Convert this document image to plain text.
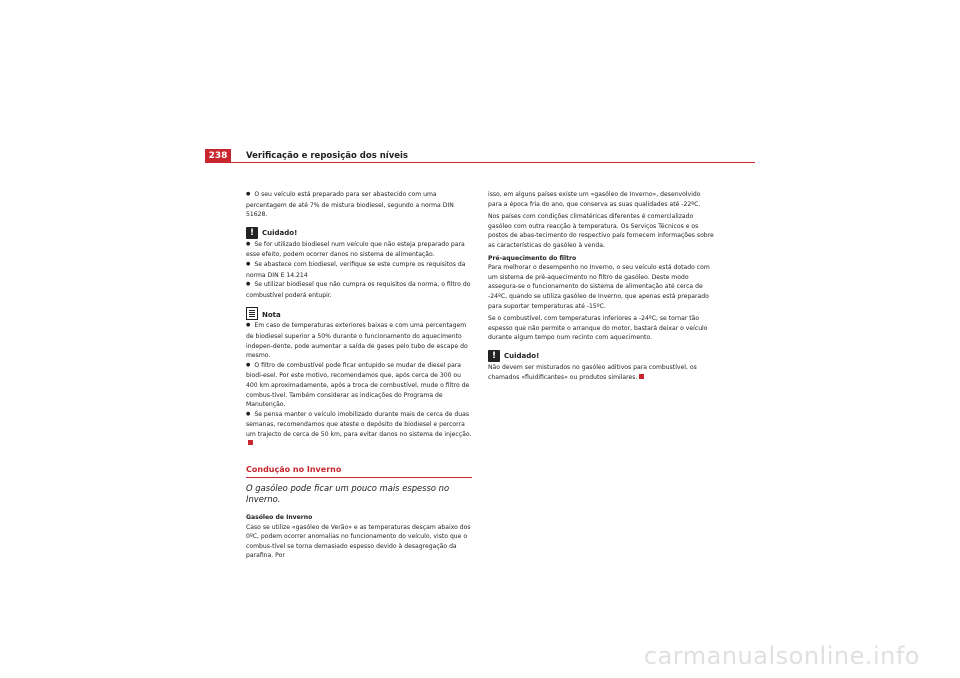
238	Verificação e reposição dos níveis

● O seu veículo está preparado para ser abastecido com uma percentagem de até 7% de mistura biodiesel, segundo a norma DIN 51628.

!	Cuidado!

● Se for utilizado biodiesel num veículo que não esteja preparado para esse efeito, podem ocorrer danos no sistema de alimentação.

● Se abastece com biodiesel, verifique se este cumpre os requisitos da norma DIN E 14.214

● Se utilizar biodiesel que não cumpra os requisitos da norma, o filtro do combustível poderá entupir.

Nota

● Em caso de temperaturas exteriores baixas e com uma percentagem de biodiesel superior a 50% durante o funcionamento do aquecimento indepen-dente, pode aumentar a saída de gases pelo tubo de escape do mesmo.

● O filtro de combustível pode ficar entupido se mudar de diesel para biodi-esel. Por este motivo, recomendamos que, após cerca de 300 ou 400 km aproximadamente, após a troca de combustível, mude o filtro de combus-tível. Também considerar as indicações do Programa de Manutenção.

● Se pensa manter o veículo imobilizado durante mais de cerca de duas semanas, recomendamos que ateste o depósito de biodiesel e percorra um trajecto de cerca de 50 km, para evitar danos no sistema de injecção.

Condução no Inverno
O gasóleo pode ficar um pouco mais espesso no Inverno.

Gasóleo de Inverno

Caso se utilize «gasóleo de Verão» e as temperaturas desçam abaixo dos 0ºC, podem ocorrer anomalias no funcionamento do veículo, visto que o combus-tível se torna demasiado espesso devido à desagregação da parafina. Por

isso, em alguns países existe um «gasóleo de Inverno», desenvolvido para a época fria do ano, que conserva as suas qualidades até -22ºC.

Nos países com condições climatéricas diferentes é comercializado gasóleo com outra reacção à temperatura. Os Serviços Técnicos e os postos de abas-tecimento do respectivo país fornecem informações sobre as características do gasóleo à venda.

Pré-aquecimento do filtro

Para melhorar o desempenho no Inverno, o seu veículo está dotado com um sistema de pré-aquecimento no filtro de gasóleo. Deste modo assegura-se o funcionamento do sistema de alimentação até cerca de -24ºC, quando se utiliza gasóleo de Inverno, que apenas está preparado para suportar temperaturas até -15ºC.

Se o combustível, com temperaturas inferiores a -24ºC, se tornar tão espesso que não permite o arranque do motor, bastará deixar o veículo durante algum tempo num recinto com aquecimento.

!	Cuidado!

Não devem ser misturados no gasóleo aditivos para combustível, os chamados «fluidificantes» ou produtos similares.

carmanualsonline.info
